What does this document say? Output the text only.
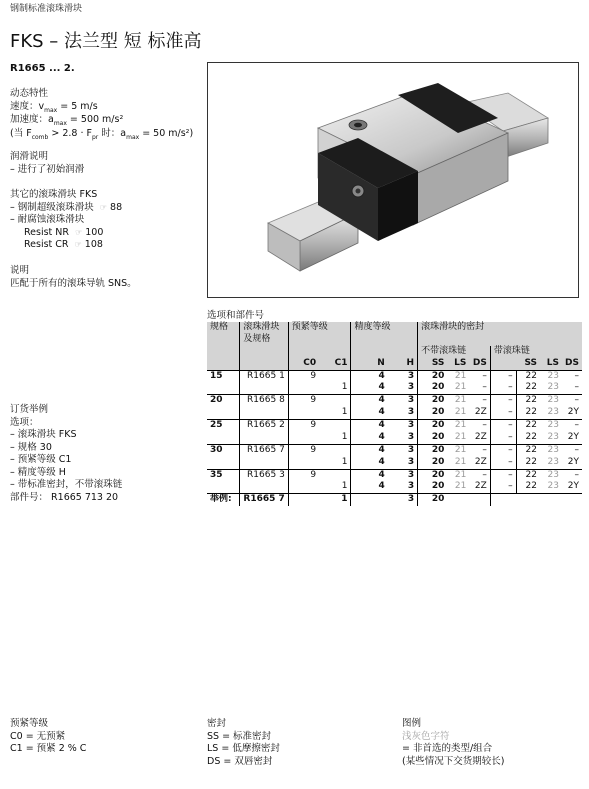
钢制标准滚珠滑块
FKS – 法兰型 短 标准高
R1665 ... 2.
动态特性
速度：$v_{max} = 5$ m/s
加速度：$a_{max} = 500$ m/s²
(当 $F_{comb} > 2.8 \cdot F_{pr}$ 时：$a_{max} = 50$ m/s²)
润滑说明
– 进行了初始润滑
其它的滚珠滑块 FKS
– 钢制超级滚珠滑块 ☞ 88
– 耐腐蚀滚珠滑块
Resist NR ☞ 100
Resist CR ☞ 108
说明
匹配于所有的滚珠导轨 SNS。
订货举例
选项：
– 滚珠滑块 FKS
– 规格 30
– 预紧等级 C1
– 精度等级 H
– 带标准密封，不带滚珠链
部件号： R1665 713 20
选项和部件号
规格	滚珠滑块	预紧等级		精度等级		滚珠滑块的密封						
	及规格											
						不带滚珠链			带滚珠链			
		C0	C1	N	H	SS	LS	DS		SS	LS	DS
15	R1665 1	9		4	3	20	21	–	–	22	23	–
			1	4	3	20	21	–	–	22	23	–
20	R1665 8	9		4	3	20	21	–	–	22	23	–
			1	4	3	20	21	2Z	–	22	23	2Y
25	R1665 2	9		4	3	20	21	–	–	22	23	–
			1	4	3	20	21	2Z	–	22	23	2Y
30	R1665 7	9		4	3	20	21	–	–	22	23	–
			1	4	3	20	21	2Z	–	22	23	2Y
35	R1665 3	9		4	3	20	21	–	–	22	23	–
			1	4	3	20	21	2Z	–	22	23	2Y
举例:	R1665 7		1		3	20						
预紧等级
C0 = 无预紧
C1 = 预紧 2 % C
密封
SS = 标准密封
LS = 低摩擦密封
DS = 双唇密封
图例
浅灰色字符
= 非首选的类型/组合
(某些情况下交货期较长)
